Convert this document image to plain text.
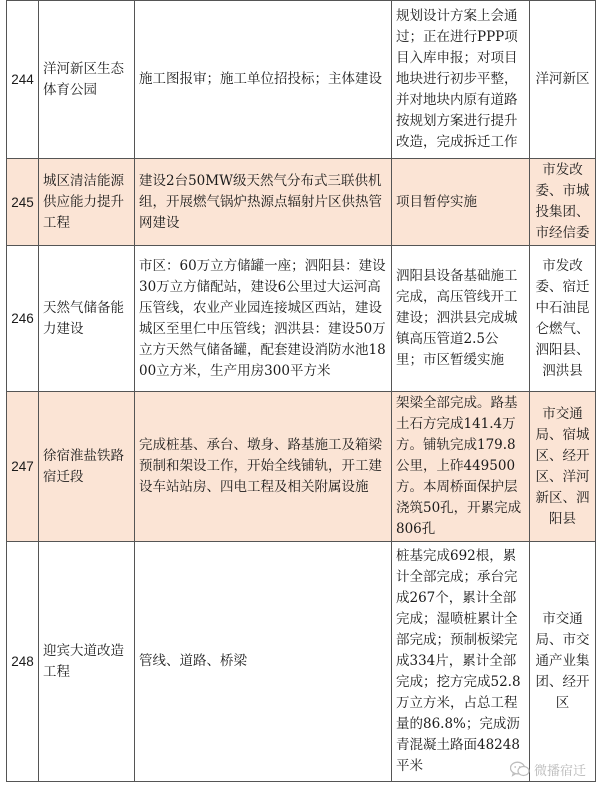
244	洋河新区生态体育公园	施工图报审；施工单位招投标；主体建设	规划设计方案上会通过；正在进行PPP项目入库申报；对项目地块进行初步平整，并对地块内原有道路按规划方案进行提升改造，完成拆迁工作	洋河新区
245	城区清洁能源供应能力提升工程	建设2台50MW级天然气分布式三联供机组，开展燃气锅炉热源点辐射片区供热管网建设	项目暂停实施	市发改委、市城投集团、市经信委
246	天然气储备能力建设	市区：60万立方储罐一座；泗阳县：建设30万立方储配站，建设6公里过大运河高压管线，农业产业园连接城区西站，建设城区至里仁中压管线；泗洪县：建设50万立方天然气储备罐，配套建设消防水池1800立方米，生产用房300平方米	泗阳县设备基础施工完成，高压管线开工建设；泗洪县完成城镇高压管道2.5公里；市区暂缓实施	市发改委、宿迁中石油昆仑燃气、泗阳县、泗洪县
247	徐宿淮盐铁路宿迁段	完成桩基、承台、墩身、路基施工及箱梁预制和架设工作，开始全线铺轨，开工建设车站站房、四电工程及相关附属设施	架梁全部完成。路基土石方完成141.4万方。铺轨完成179.8公里，上砟449500方。本周桥面保护层浇筑50孔，开累完成806孔	市交通局、宿城区、经开区、洋河新区、泗阳县
248	迎宾大道改造工程	管线、道路、桥梁	桩基完成692根，累计全部完成；承台完成267个，累计全部完成；湿喷桩累计全部完成；预制板梁完成334片，累计全部完成；挖方完成52.8万立方米，占总工程量的86.8%；完成沥青混凝土路面48248平米	市交通局、市交通产业集团、经开区
微播宿迁
